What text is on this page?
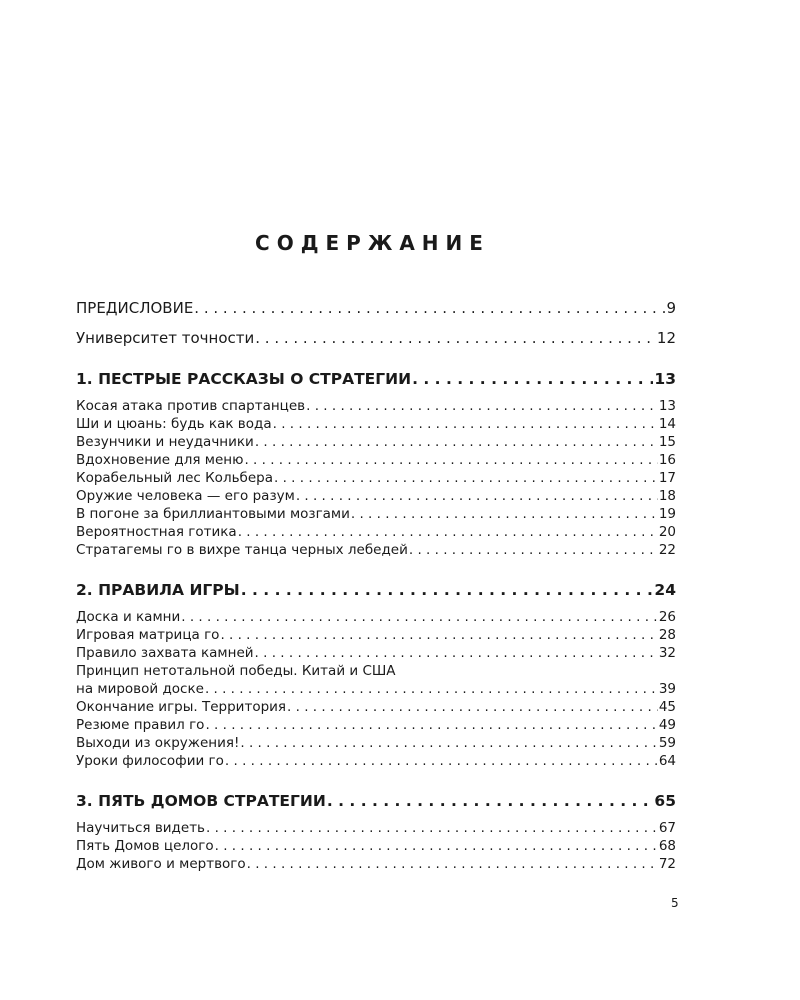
СОДЕРЖАНИЕ
ПРЕДИСЛОВИЕ . . .	9
Университет точности . . .	12
1. ПЕСТРЫЕ РАССКАЗЫ О СТРАТЕГИИ . . .	13
Косая атака против спартанцев . . .	13
Ши и цюань: будь как вода . . .	14
Везунчики и неудачники . . .	15
Вдохновение для меню . . .	16
Корабельный лес Кольбера . . .	17
Оружие человека — его разум . . .	18
В погоне за бриллиантовыми мозгами . . .	19
Вероятностная готика . . .	20
Стратагемы го в вихре танца черных лебедей . . .	22
2. ПРАВИЛА ИГРЫ . . .	24
Доска и камни . . .	26
Игровая матрица го . . .	28
Правило захвата камней . . .	32
Принцип нетотальной победы. Китай и США
на мировой доске . . .	39
Окончание игры. Территория . . .	45
Резюме правил го . . .	49
Выходи из окружения! . . .	59
Уроки философии го . . .	64
3. ПЯТЬ ДОМОВ СТРАТЕГИИ . . .	65
Научиться видеть . . .	67
Пять Домов целого . . .	68
Дом живого и мертвого . . .	72
5
